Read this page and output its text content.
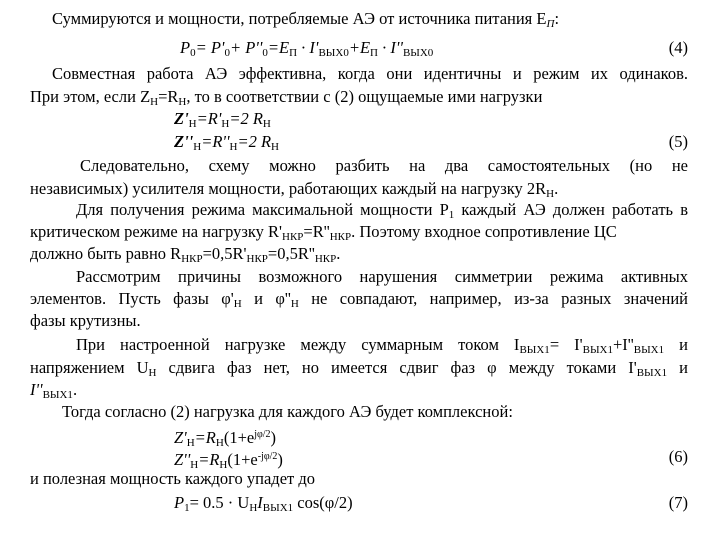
Суммируются и мощности, потребляемые АЭ от источника питания $E_П$:
$P_0= P'_0+ P''_0=E_П \cdot I'_{ВЫХ0}+E_П \cdot I''_{ВЫХ0}$	(4)
Совместная работа АЭ эффективна, когда они идентичны и режим их одинаков.
При этом, если $Z_Н=R_Н$, то в соответствии с (2) ощущаемые ими нагрузки
$Z'_Н=R'_Н=2$ $R_Н$
$Z''_Н=R''_Н=2$ $R_Н$	(5)
Следовательно, схему можно разбить на два самостоятельных (но не
независимых) усилителя мощности, работающих каждый на нагрузку $2R_Н$.
Для получения режима максимальной мощности $P_1$ каждый АЭ должен работать в
критическом режиме на нагрузку $R'_{НКР}=R''_{НКР}$. Поэтому входное сопротивление ЦС
должно быть равно $R_{НКР}=0,5R'_{НКР}=0,5R''_{НКР}$.
Рассмотрим причины возможного нарушения симметрии режима активных
элементов. Пусть фазы $\varphi'_Н$ и $\varphi''_Н$ не совпадают, например, из-за разных значений
фазы крутизны.
При настроенной нагрузке между суммарным током $I_{ВЫХ1}= I'_{ВЫХ1}+I''_{ВЫХ1}$ и
напряжением $U_Н$ сдвига фаз нет, но имеется сдвиг фаз φ между токами $I'_{ВЫХ1}$ и
$I''_{ВЫХ1}$.
Тогда согласно (2) нагрузка для каждого АЭ будет комплексной:
$Z'_Н=R_Н(1+e^{j\varphi/2})$
$Z''_Н=R_Н(1+e^{-j\varphi/2})$	(6)
и полезная мощность каждого упадет до
$P_1= 0.5 \cdot U_НI_{ВЫХ1}$ cos(φ/2)	(7)
